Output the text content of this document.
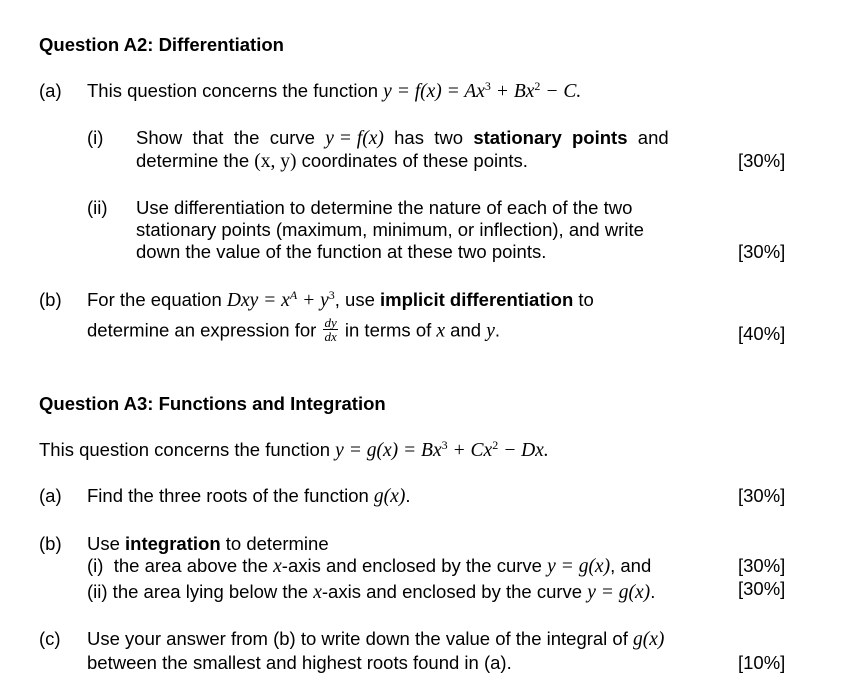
Question A2: Differentiation
(a) This question concerns the function $y = f(x) = Ax^3 + Bx^2 - C$.
(i) Show  that  the  curve  y = f(x)  has  two  stationary  points  and
determine the (x, y) coordinates of these points.	[30%]
(ii) Use differentiation to determine the nature of each of the two
stationary points (maximum, minimum, or inflection), and write
down the value of the function at these two points.	[30%]
(b) For the equation Dxy = $x^A + y^3$, use implicit differentiation to
determine an expression for $\frac{dy}{dx}$ in terms of x and y.	[40%]
Question A3: Functions and Integration
This question concerns the function $y = g(x) = Bx^3 + Cx^2 - Dx$.
(a) Find the three roots of the function g(x).	[30%]
(b) Use integration to determine
(i)  the area above the x-axis and enclosed by the curve y = g(x), and	[30%]
(ii) the area lying below the x-axis and enclosed by the curve y = g(x).	[30%]
(c) Use your answer from (b) to write down the value of the integral of g(x)
between the smallest and highest roots found in (a).	[10%]
